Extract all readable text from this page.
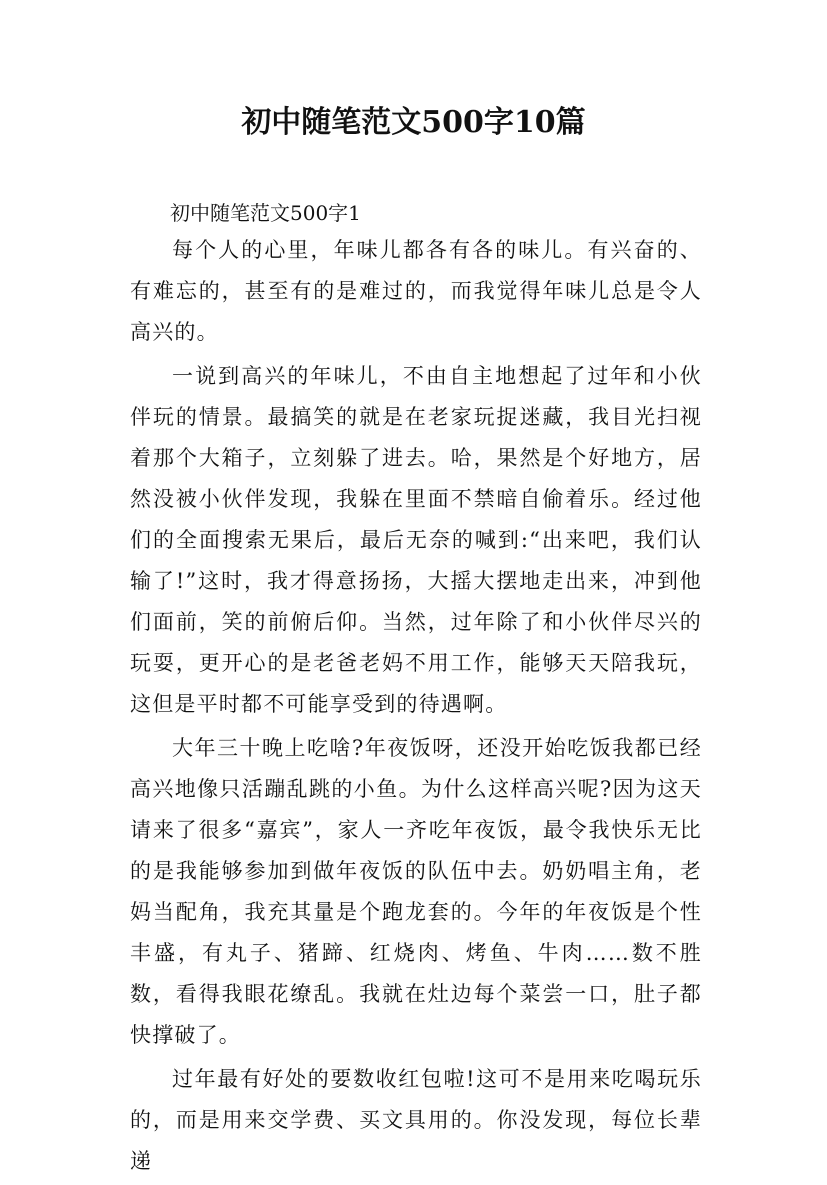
初中随笔范文500字10篇

初中随笔范文500字1

每个人的心里，年味儿都各有各的味儿。有兴奋的、有难忘的，甚至有的是难过的，而我觉得年味儿总是令人高兴的。

一说到高兴的年味儿，不由自主地想起了过年和小伙伴玩的情景。最搞笑的就是在老家玩捉迷藏，我目光扫视着那个大箱子，立刻躲了进去。哈，果然是个好地方，居然没被小伙伴发现，我躲在里面不禁暗自偷着乐。经过他们的全面搜索无果后，最后无奈的喊到:“出来吧，我们认输了!”这时，我才得意扬扬，大摇大摆地走出来，冲到他们面前，笑的前俯后仰。当然，过年除了和小伙伴尽兴的玩耍，更开心的是老爸老妈不用工作，能够天天陪我玩，这但是平时都不可能享受到的待遇啊。

大年三十晚上吃啥?年夜饭呀，还没开始吃饭我都已经高兴地像只活蹦乱跳的小鱼。为什么这样高兴呢?因为这天请来了很多“嘉宾”，家人一齐吃年夜饭，最令我快乐无比的是我能够参加到做年夜饭的队伍中去。奶奶唱主角，老妈当配角，我充其量是个跑龙套的。今年的年夜饭是个性丰盛，有丸子、猪蹄、红烧肉、烤鱼、牛肉……数不胜数，看得我眼花缭乱。我就在灶边每个菜尝一口，肚子都快撑破了。

过年最有好处的要数收红包啦!这可不是用来吃喝玩乐的，而是用来交学费、买文具用的。你没发现，每位长辈递
